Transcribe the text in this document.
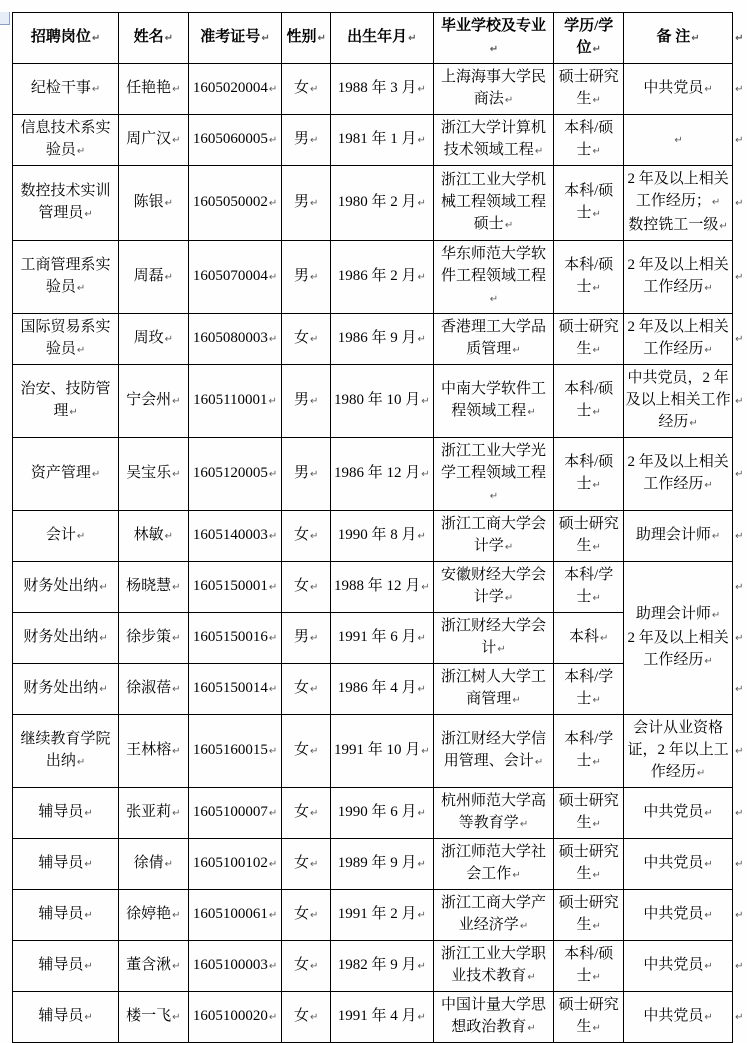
招聘岗位↵	姓名↵	准考证号↵	性别↵	出生年月↵	毕业学校及专业↵	学历/学位↵	备 注↵	↵

纪检干事↵	任艳艳↵	1605020004↵	女↵	1988 年 3 月↵	上海海事大学民商法↵	硕士研究生↵	中共党员↵	↵

信息技术系实验员↵	周广汉↵	1605060005↵	男↵	1981 年 1 月↵	浙江大学计算机技术领域工程↵	本科/硕士↵	↵	↵

数控技术实训管理员↵	陈银↵	1605050002↵	男↵	1980 年 2 月↵	浙江工业大学机械工程领域工程硕士↵	本科/硕士↵	2 年及以上相关工作经历；↵
数控铣工一级↵	↵

工商管理系实验员↵	周磊↵	1605070004↵	男↵	1986 年 2 月↵	华东师范大学软件工程领域工程↵	本科/硕士↵	2 年及以上相关工作经历↵	↵

国际贸易系实验员↵	周玫↵	1605080003↵	女↵	1986 年 9 月↵	香港理工大学品质管理↵	硕士研究生↵	2 年及以上相关工作经历↵	↵

治安、技防管理↵	宁会州↵	1605110001↵	男↵	1980 年 10 月↵	中南大学软件工程领域工程↵	本科/硕士↵	中共党员，2 年及以上相关工作经历↵	↵

资产管理↵	吴宝乐↵	1605120005↵	男↵	1986 年 12 月↵	浙江工业大学光学工程领域工程↵	本科/硕士↵	2 年及以上相关工作经历↵	↵

会计↵	林敏↵	1605140003↵	女↵	1990 年 8 月↵	浙江工商大学会计学↵	硕士研究生↵	助理会计师↵	↵

财务处出纳↵	杨晓慧↵	1605150001↵	女↵	1988 年 12 月↵	安徽财经大学会计学↵	本科/学士↵	助理会计师↵
2 年及以上相关工作经历↵	↵

财务处出纳↵	徐步策↵	1605150016↵	男↵	1991 年 6 月↵	浙江财经大学会计↵	本科↵		↵

财务处出纳↵	徐淑蓓↵	1605150014↵	女↵	1986 年 4 月↵	浙江树人大学工商管理↵	本科/学士↵		↵

继续教育学院出纳↵	王林榕↵	1605160015↵	女↵	1991 年 10 月↵	浙江财经大学信用管理、会计↵	本科/学士↵	会计从业资格证，2 年以上工作经历↵	↵

辅导员↵	张亚莉↵	1605100007↵	女↵	1990 年 6 月↵	杭州师范大学高等教育学↵	硕士研究生↵	中共党员↵	↵

辅导员↵	徐倩↵	1605100102↵	女↵	1989 年 9 月↵	浙江师范大学社会工作↵	硕士研究生↵	中共党员↵	↵

辅导员↵	徐婷艳↵	1605100061↵	女↵	1991 年 2 月↵	浙江工商大学产业经济学↵	硕士研究生↵	中共党员↵	↵

辅导员↵	董含湫↵	1605100003↵	女↵	1982 年 9 月↵	浙江工业大学职业技术教育↵	本科/硕士↵	中共党员↵	↵

辅导员↵	楼一飞↵	1605100020↵	女↵	1991 年 4 月↵	中国计量大学思想政治教育↵	硕士研究生↵	中共党员↵	↵
